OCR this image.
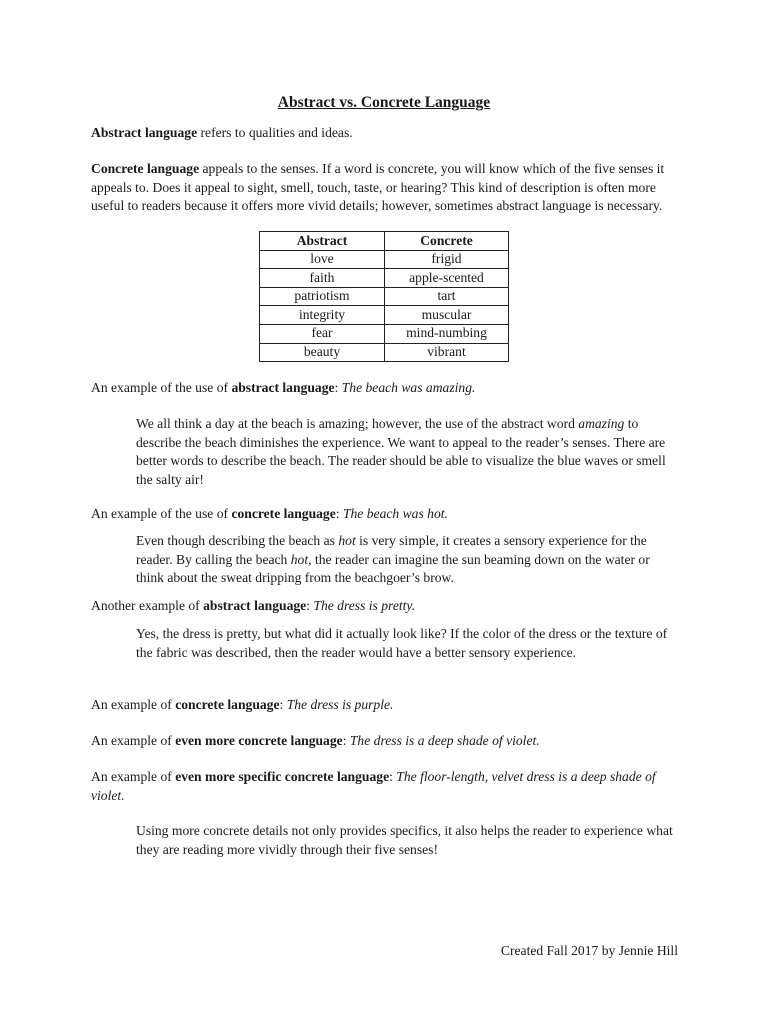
Abstract vs. Concrete Language

Abstract language refers to qualities and ideas.

Concrete language appeals to the senses. If a word is concrete, you will know which of the five senses it appeals to. Does it appeal to sight, smell, touch, taste, or hearing? This kind of description is often more useful to readers because it offers more vivid details; however, sometimes abstract language is necessary.

Abstract	Concrete
love	frigid
faith	apple-scented
patriotism	tart
integrity	muscular
fear	mind-numbing
beauty	vibrant

An example of the use of abstract language: The beach was amazing.

We all think a day at the beach is amazing; however, the use of the abstract word amazing to describe the beach diminishes the experience. We want to appeal to the reader’s senses. There are better words to describe the beach. The reader should be able to visualize the blue waves or smell the salty air!

An example of the use of concrete language: The beach was hot.

Even though describing the beach as hot is very simple, it creates a sensory experience for the reader. By calling the beach hot, the reader can imagine the sun beaming down on the water or think about the sweat dripping from the beachgoer’s brow.

Another example of abstract language: The dress is pretty.

Yes, the dress is pretty, but what did it actually look like? If the color of the dress or the texture of the fabric was described, then the reader would have a better sensory experience.

An example of concrete language: The dress is purple.

An example of even more concrete language: The dress is a deep shade of violet.

An example of even more specific concrete language: The floor-length, velvet dress is a deep shade of violet.

Using more concrete details not only provides specifics, it also helps the reader to experience what they are reading more vividly through their five senses!

Created Fall 2017 by Jennie Hill
